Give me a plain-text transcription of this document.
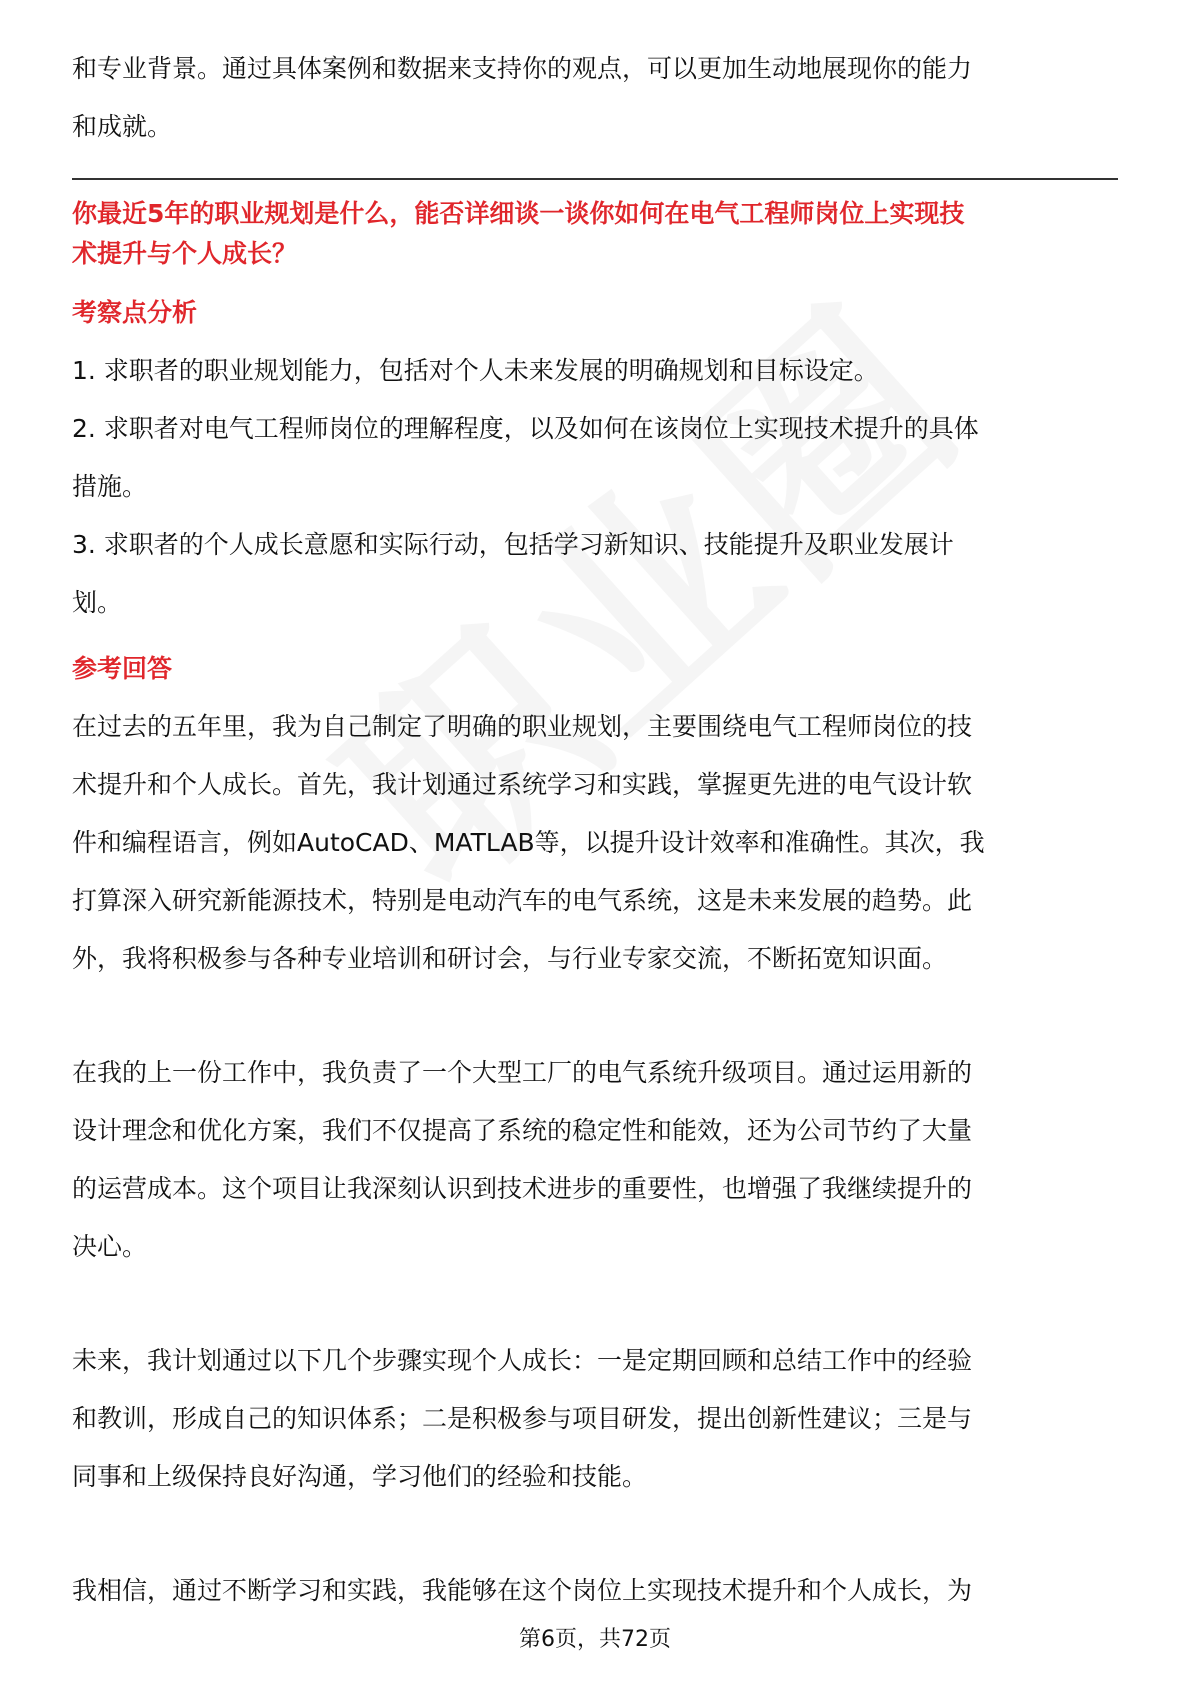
和专业背景。通过具体案例和数据来支持你的观点，可以更加生动地展现你的能力

和成就。

你最近5年的职业规划是什么，能否详细谈一谈你如何在电气工程师岗位上实现技

术提升与个人成长？

考察点分析

1. 求职者的职业规划能力，包括对个人未来发展的明确规划和目标设定。

2. 求职者对电气工程师岗位的理解程度，以及如何在该岗位上实现技术提升的具体

措施。

3. 求职者的个人成长意愿和实际行动，包括学习新知识、技能提升及职业发展计

划。

参考回答

在过去的五年里，我为自己制定了明确的职业规划，主要围绕电气工程师岗位的技

术提升和个人成长。首先，我计划通过系统学习和实践，掌握更先进的电气设计软

件和编程语言，例如AutoCAD、MATLAB等，以提升设计效率和准确性。其次，我

打算深入研究新能源技术，特别是电动汽车的电气系统，这是未来发展的趋势。此

外，我将积极参与各种专业培训和研讨会，与行业专家交流，不断拓宽知识面。

在我的上一份工作中，我负责了一个大型工厂的电气系统升级项目。通过运用新的

设计理念和优化方案，我们不仅提高了系统的稳定性和能效，还为公司节约了大量

的运营成本。这个项目让我深刻认识到技术进步的重要性，也增强了我继续提升的

决心。

未来，我计划通过以下几个步骤实现个人成长：一是定期回顾和总结工作中的经验

和教训，形成自己的知识体系；二是积极参与项目研发，提出创新性建议；三是与

同事和上级保持良好沟通，学习他们的经验和技能。

我相信，通过不断学习和实践，我能够在这个岗位上实现技术提升和个人成长，为

第6页，共72页
